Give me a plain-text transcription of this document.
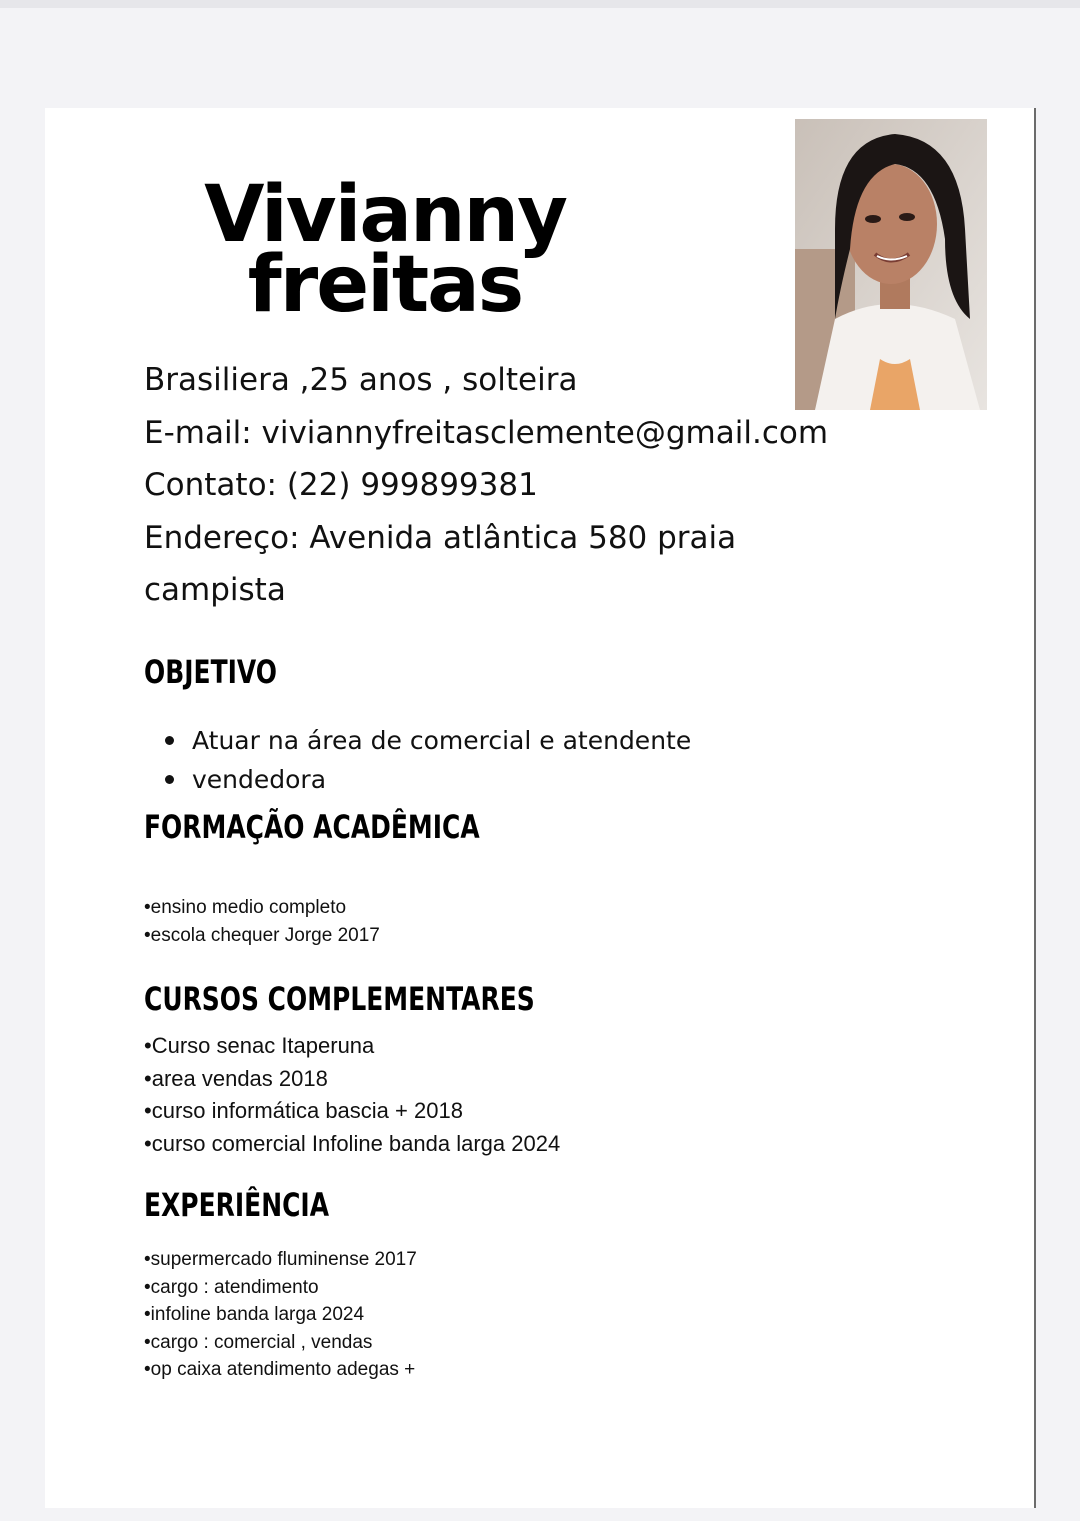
Vivianny
freitas
Brasiliera ,25 anos , solteira
E-mail: viviannyfreitasclemente@gmail.com
Contato: (22) 999899381
Endereço: Avenida atlântica 580 praia
campista
OBJETIVO
Atuar na área de comercial e atendente
vendedora
FORMAÇÃO ACADÊMICA
•ensino medio completo
•escola chequer Jorge 2017
CURSOS COMPLEMENTARES
•Curso senac Itaperuna
•area vendas 2018
•curso informática bascia + 2018
•curso comercial Infoline banda larga 2024
EXPERIÊNCIA
•supermercado fluminense 2017
•cargo : atendimento
•infoline banda larga 2024
•cargo : comercial , vendas
•op caixa atendimento adegas +
